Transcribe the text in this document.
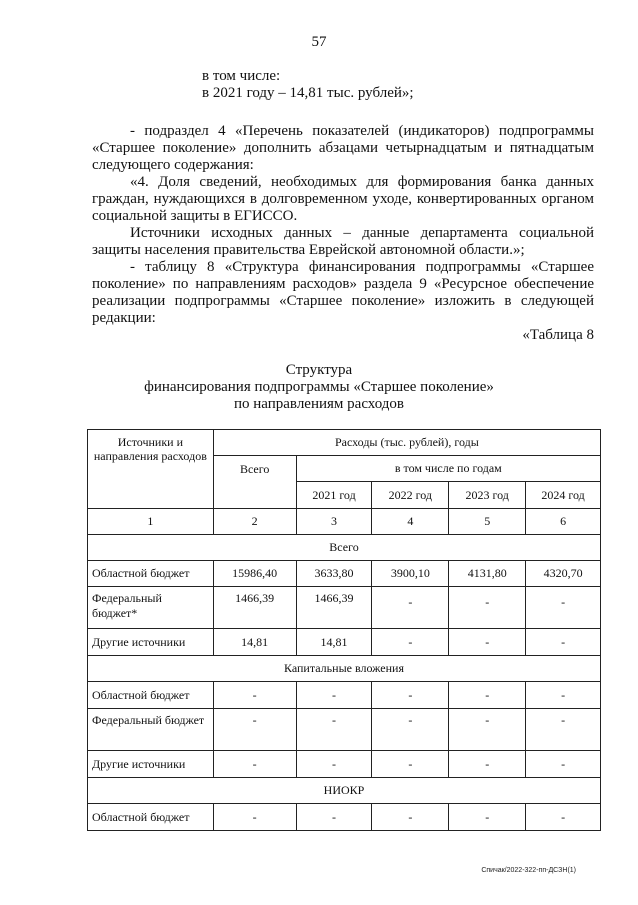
57
в том числе:
в 2021 году – 14,81 тыс. рублей»;
- подраздел 4 «Перечень показателей (индикаторов) подпрограммы
«Старшее поколение» дополнить абзацами четырнадцатым и пятнадцатым
следующего содержания:
«4. Доля сведений, необходимых для формирования банка данных
граждан, нуждающихся в долговременном уходе, конвертированных органом
социальной защиты в ЕГИССО.
Источники исходных данных – данные департамента социальной
защиты населения правительства Еврейской автономной области.»;
- таблицу 8 «Структура финансирования подпрограммы «Старшее
поколение» по направлениям расходов» раздела 9 «Ресурсное обеспечение
реализации подпрограммы «Старшее поколение» изложить в следующей
редакции:
«Таблица 8
Структура
финансирования подпрограммы «Старшее поколение»
по направлениям расходов
Источники и направления расходов	Расходы (тыс. рублей), годы				
	Всего	в том числе по годам			
		2021 год	2022 год	2023 год	2024 год
1	2	3	4	5	6
Всего					
Областной бюджет	15986,40	3633,80	3900,10	4131,80	4320,70
Федеральный бюджет*	1466,39	1466,39	-	-	-
Другие источники	14,81	14,81	-	-	-
Капитальные вложения					
Областной бюджет	-	-	-	-	-
Федеральный бюджет	-	-	-	-	-
Другие источники	-	-	-	-	-
НИОКР					
Областной бюджет	-	-	-	-	-
Спичак/2022-322-пп-ДСЗН(1)
